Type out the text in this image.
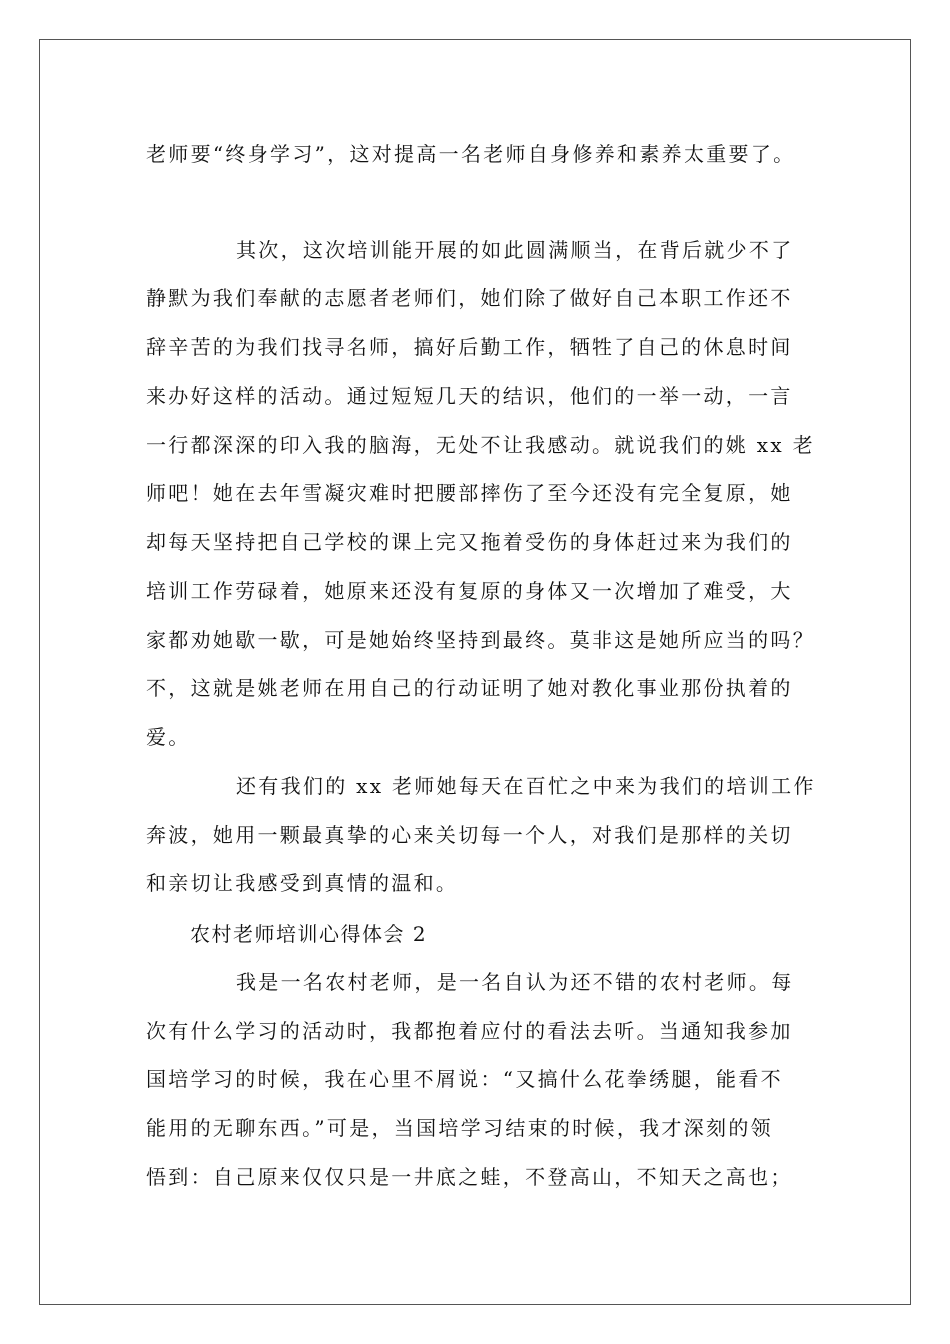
老师要“终身学习”，这对提高一名老师自身修养和素养太重要了。
其次，这次培训能开展的如此圆满顺当，在背后就少不了
静默为我们奉献的志愿者老师们，她们除了做好自己本职工作还不
辞辛苦的为我们找寻名师，搞好后勤工作，牺牲了自己的休息时间
来办好这样的活动。通过短短几天的结识，他们的一举一动，一言
一行都深深的印入我的脑海，无处不让我感动。就说我们的姚 xx 老
师吧！她在去年雪凝灾难时把腰部摔伤了至今还没有完全复原，她
却每天坚持把自己学校的课上完又拖着受伤的身体赶过来为我们的
培训工作劳碌着，她原来还没有复原的身体又一次增加了难受，大
家都劝她歇一歇，可是她始终坚持到最终。莫非这是她所应当的吗？
不，这就是姚老师在用自己的行动证明了她对教化事业那份执着的
爱。
还有我们的 xx 老师她每天在百忙之中来为我们的培训工作
奔波，她用一颗最真挚的心来关切每一个人，对我们是那样的关切
和亲切让我感受到真情的温和。
农村老师培训心得体会 2
我是一名农村老师，是一名自认为还不错的农村老师。每
次有什么学习的活动时，我都抱着应付的看法去听。当通知我参加
国培学习的时候，我在心里不屑说：“又搞什么花拳绣腿，能看不
能用的无聊东西。”可是，当国培学习结束的时候，我才深刻的领
悟到：自己原来仅仅只是一井底之蛙，不登高山，不知天之高也；
